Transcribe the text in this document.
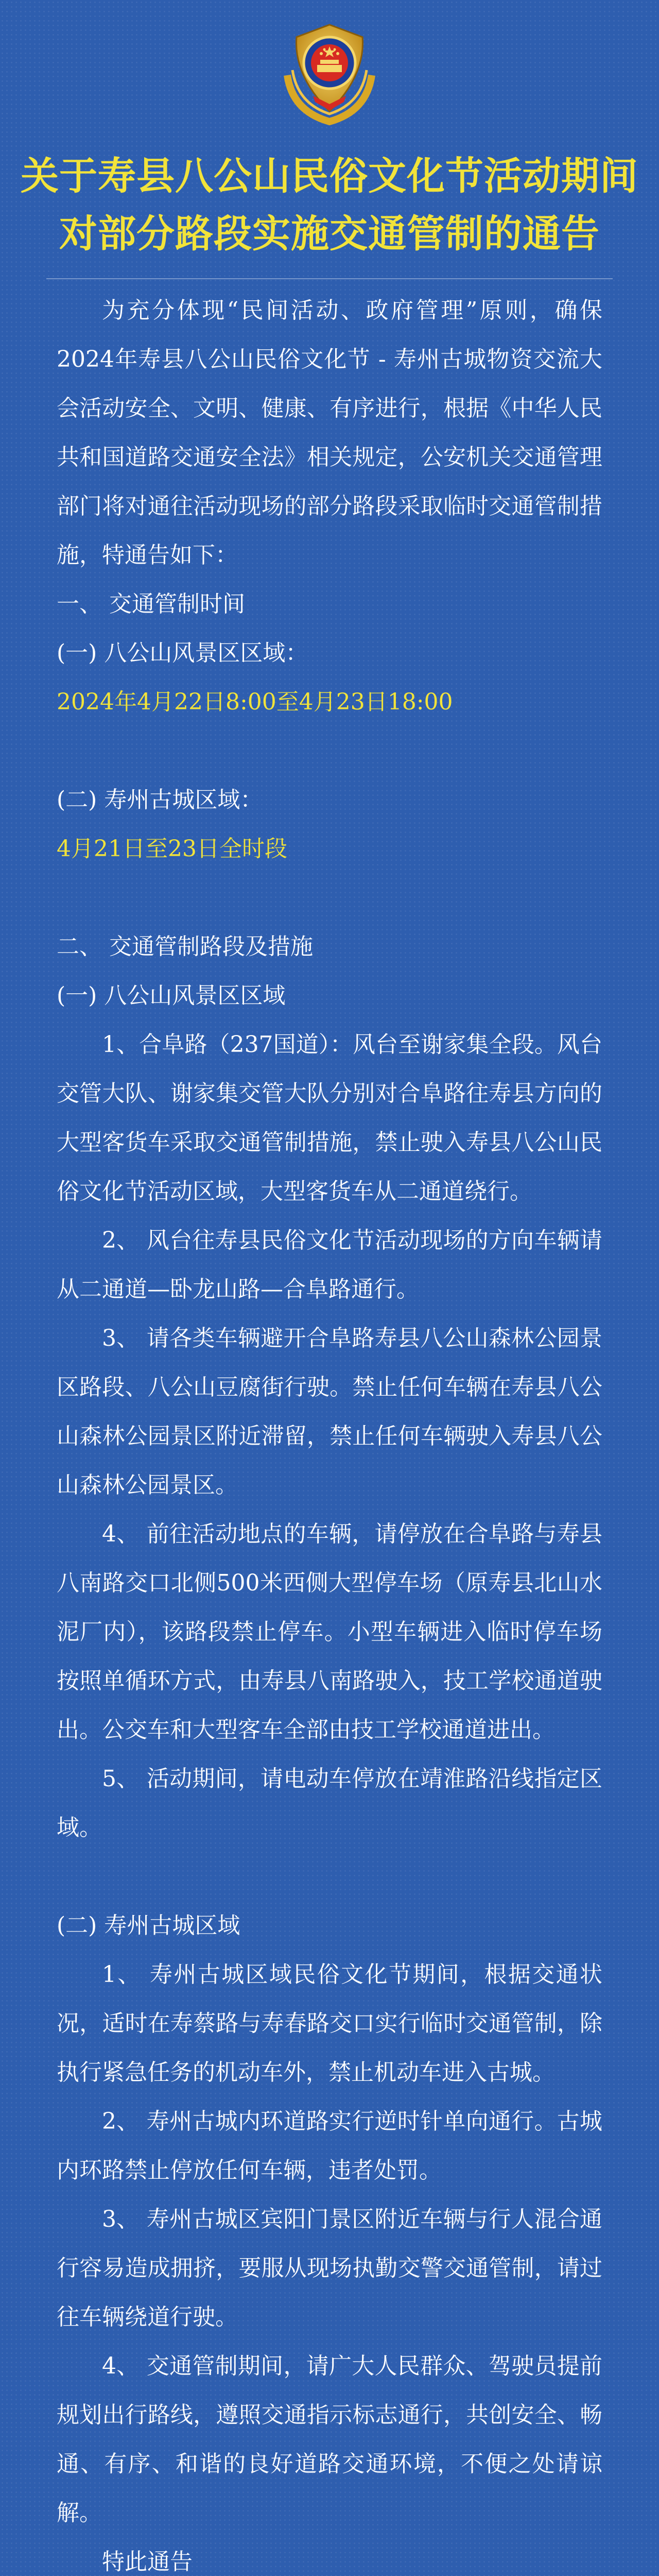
关于寿县八公山民俗文化节活动期间
对部分路段实施交通管制的通告

为充分体现“民间活动、政府管理”原则，确保2024年寿县八公山民俗文化节 - 寿州古城物资交流大会活动安全、文明、健康、有序进行，根据《中华人民共和国道路交通安全法》相关规定，公安机关交通管理部门将对通往活动现场的部分路段采取临时交通管制措施，特通告如下：

一、 交通管制时间

(一) 八公山风景区区域：

2024年4月22日8:00至4月23日18:00

(二) 寿州古城区域：

4月21日至23日全时段

二、 交通管制路段及措施

(一) 八公山风景区区域

1、合阜路（237国道）：风台至谢家集全段。风台交管大队、谢家集交管大队分别对合阜路往寿县方向的大型客货车采取交通管制措施，禁止驶入寿县八公山民俗文化节活动区域，大型客货车从二通道绕行。

2、 风台往寿县民俗文化节活动现场的方向车辆请从二通道—卧龙山路—合阜路通行。

3、 请各类车辆避开合阜路寿县八公山森林公园景区路段、八公山豆腐街行驶。禁止任何车辆在寿县八公山森林公园景区附近滞留，禁止任何车辆驶入寿县八公山森林公园景区。

4、 前往活动地点的车辆，请停放在合阜路与寿县八南路交口北侧500米西侧大型停车场（原寿县北山水泥厂内），该路段禁止停车。小型车辆进入临时停车场按照单循环方式，由寿县八南路驶入，技工学校通道驶出。公交车和大型客车全部由技工学校通道进出。

5、 活动期间，请电动车停放在靖淮路沿线指定区域。

(二) 寿州古城区域

1、 寿州古城区域民俗文化节期间，根据交通状况，适时在寿蔡路与寿春路交口实行临时交通管制，除执行紧急任务的机动车外，禁止机动车进入古城。

2、 寿州古城内环道路实行逆时针单向通行。古城内环路禁止停放任何车辆，违者处罚。

3、 寿州古城区宾阳门景区附近车辆与行人混合通行容易造成拥挤，要服从现场执勤交警交通管制，请过往车辆绕道行驶。

4、 交通管制期间，请广大人民群众、驾驶员提前规划出行路线，遵照交通指示标志通行，共创安全、畅通、有序、和谐的良好道路交通环境，不便之处请谅解。

特此通告
